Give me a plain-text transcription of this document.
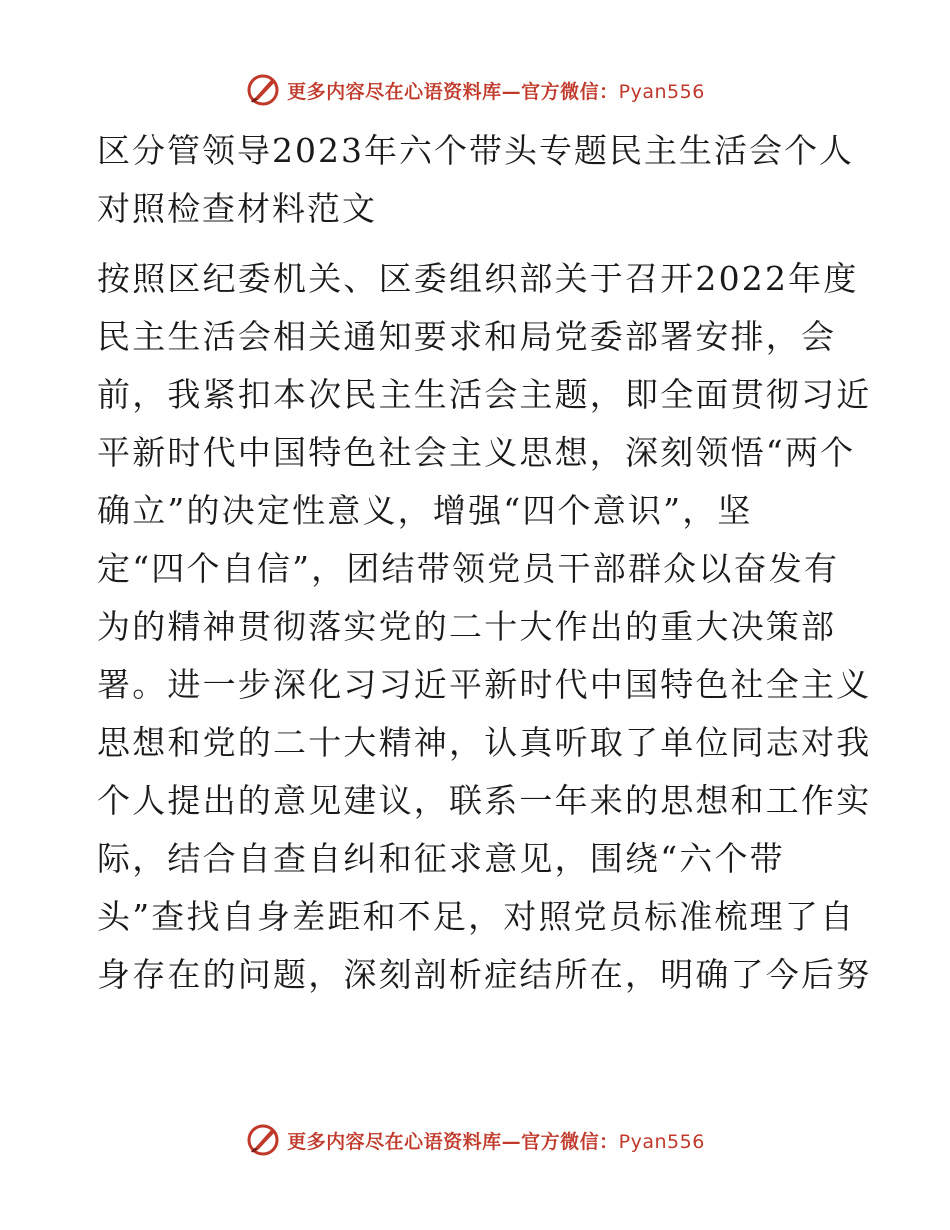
更多内容尽在心语资料库—官方微信：Pyan556
区分管领导2023年六个带头专题民主生活会个人
对照检查材料范文
按照区纪委机关、区委组织部关于召开2022年度
民主生活会相关通知要求和局党委部署安排，会
前，我紧扣本次民主生活会主题，即全面贯彻习近
平新时代中国特色社会主义思想，深刻领悟“两个
确立”的决定性意义，增强“四个意识”，坚
定“四个自信”，团结带领党员干部群众以奋发有
为的精神贯彻落实党的二十大作出的重大决策部
署。进一步深化习习近平新时代中国特色社全主义
思想和党的二十大精神，认真听取了单位同志对我
个人提出的意见建议，联系一年来的思想和工作实
际，结合自查自纠和征求意见，围绕“六个带
头”查找自身差距和不足，对照党员标准梳理了自
身存在的问题，深刻剖析症结所在，明确了今后努
更多内容尽在心语资料库—官方微信：Pyan556
